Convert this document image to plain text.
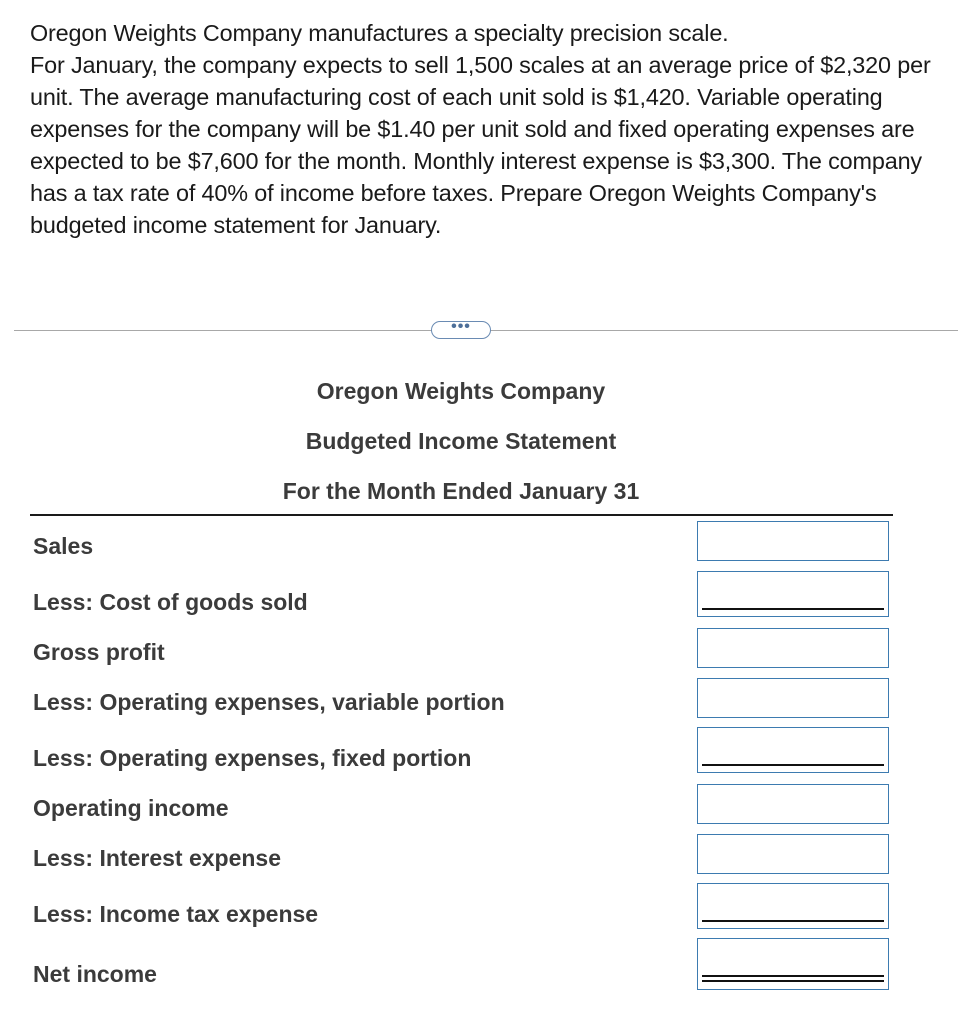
Oregon Weights Company manufactures a specialty precision scale.

For January, the company expects to sell 1,500 scales at an average price of $2,320 per unit. The average manufacturing cost of each unit sold is $1,420. Variable operating expenses for the company will be $1.40 per unit sold and fixed operating expenses are expected to be $7,600 for the month. Monthly interest expense is $3,300. The company has a tax rate of 40% of income before taxes. Prepare Oregon Weights Company's budgeted income statement for January.

•••
Oregon Weights Company
Budgeted Income Statement
For the Month Ended January 31
Sales
Less: Cost of goods sold
Gross profit
Less: Operating expenses, variable portion
Less: Operating expenses, fixed portion
Operating income
Less: Interest expense
Less: Income tax expense
Net income
